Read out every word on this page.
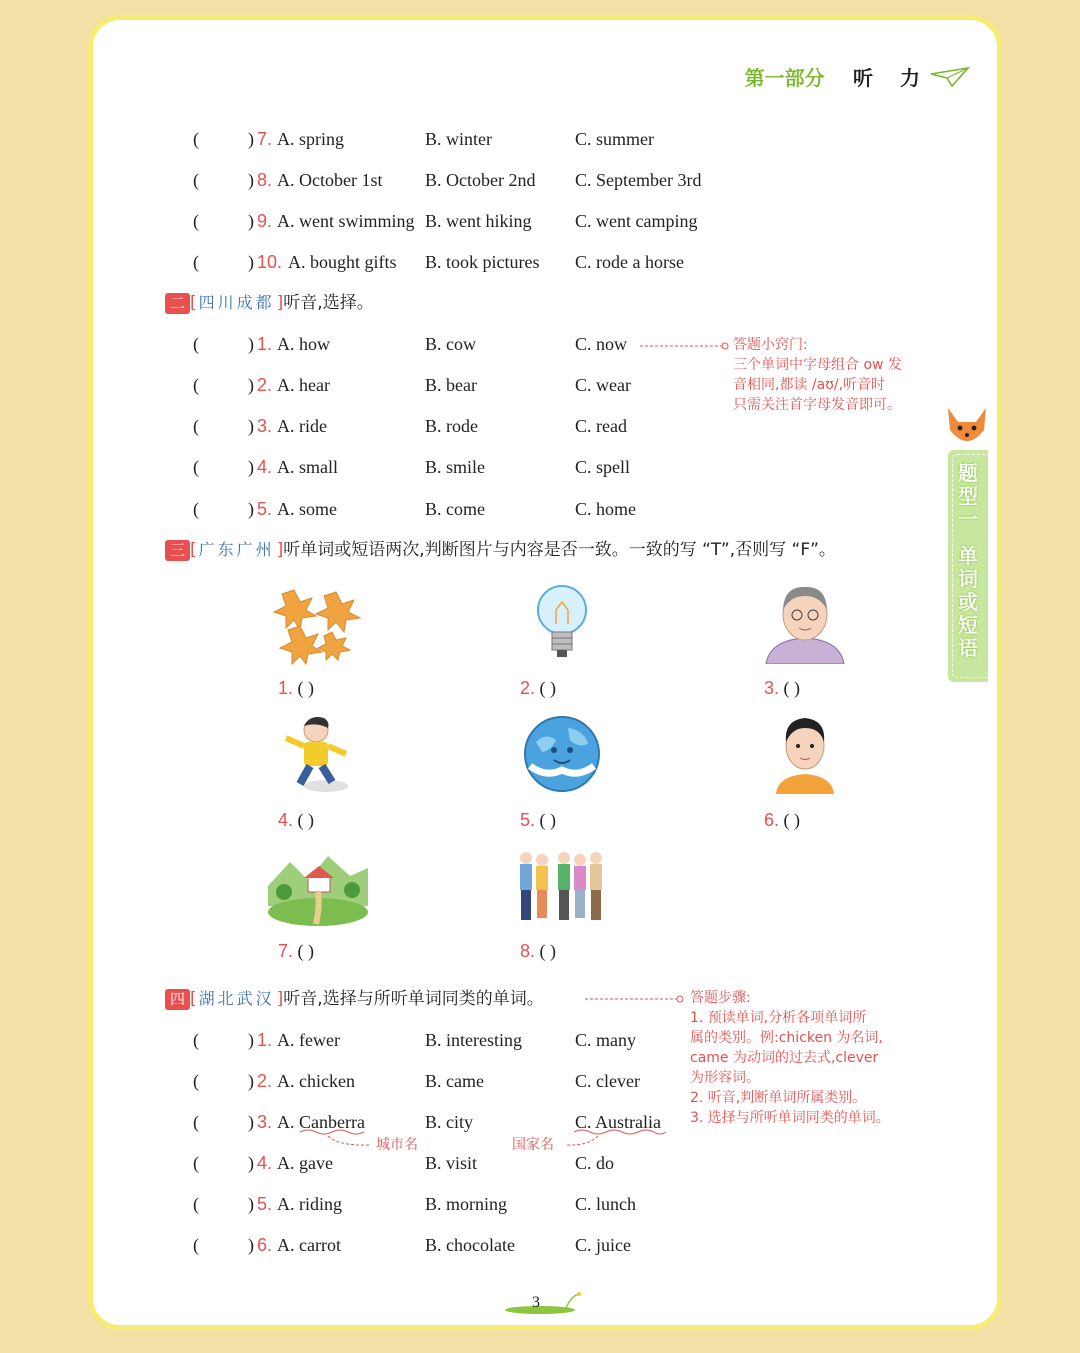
第一部分 听 力
(	) 7. A. spring	B. winter	C. summer
(	) 8. A. October 1st B. October 2nd C. September 3rd
(	) 9. A. went swimming B. went hiking C. went camping
(	) 10. A. bought gifts B. took pictures C. rode a horse
二 [ 四川成都 ]听音,选择。
(	) 1. A. how	B. cow	C. now
(	) 2. A. hear	B. bear	C. wear
(	) 3. A. ride	B. rode	C. read
(	) 4. A. small	B. smile	C. spell
(	) 5. A. some	B. come	C. home
答题小窍门:
三个单词中字母组合 ow 发
音相同,都读 /aʊ/,听音时
只需关注首字母发音即可。
三 [ 广东广州 ]听单词或短语两次,判断图片与内容是否一致。一致的写 “T”,否则写 “F”。
1. ( )	2. ( )	3. ( )
4. ( )	5. ( )	6. ( )
7. ( )	8. ( )
四 [ 湖北武汉 ]听音,选择与所听单词同类的单词。	答题步骤:
1. 预读单词,分析各项单词所
属的类别。例:chicken 为名词,
came 为动词的过去式,clever
为形容词。
2. 听音,判断单词所属类别。
3. 选择与所听单词同类的单词。
(	) 1. A. fewer	B. interesting	C. many
(	) 2. A. chicken	B. came	C. clever
(	) 3. A. Canberra	B. city	C. Australia
(	) 4. A. gave	B. visit	C. do
(	) 5. A. riding	B. morning	C. lunch
(	) 6. A. carrot	B. chocolate	C. juice
城市名	国家名
题
型
一
单
词
或
短
语
3
